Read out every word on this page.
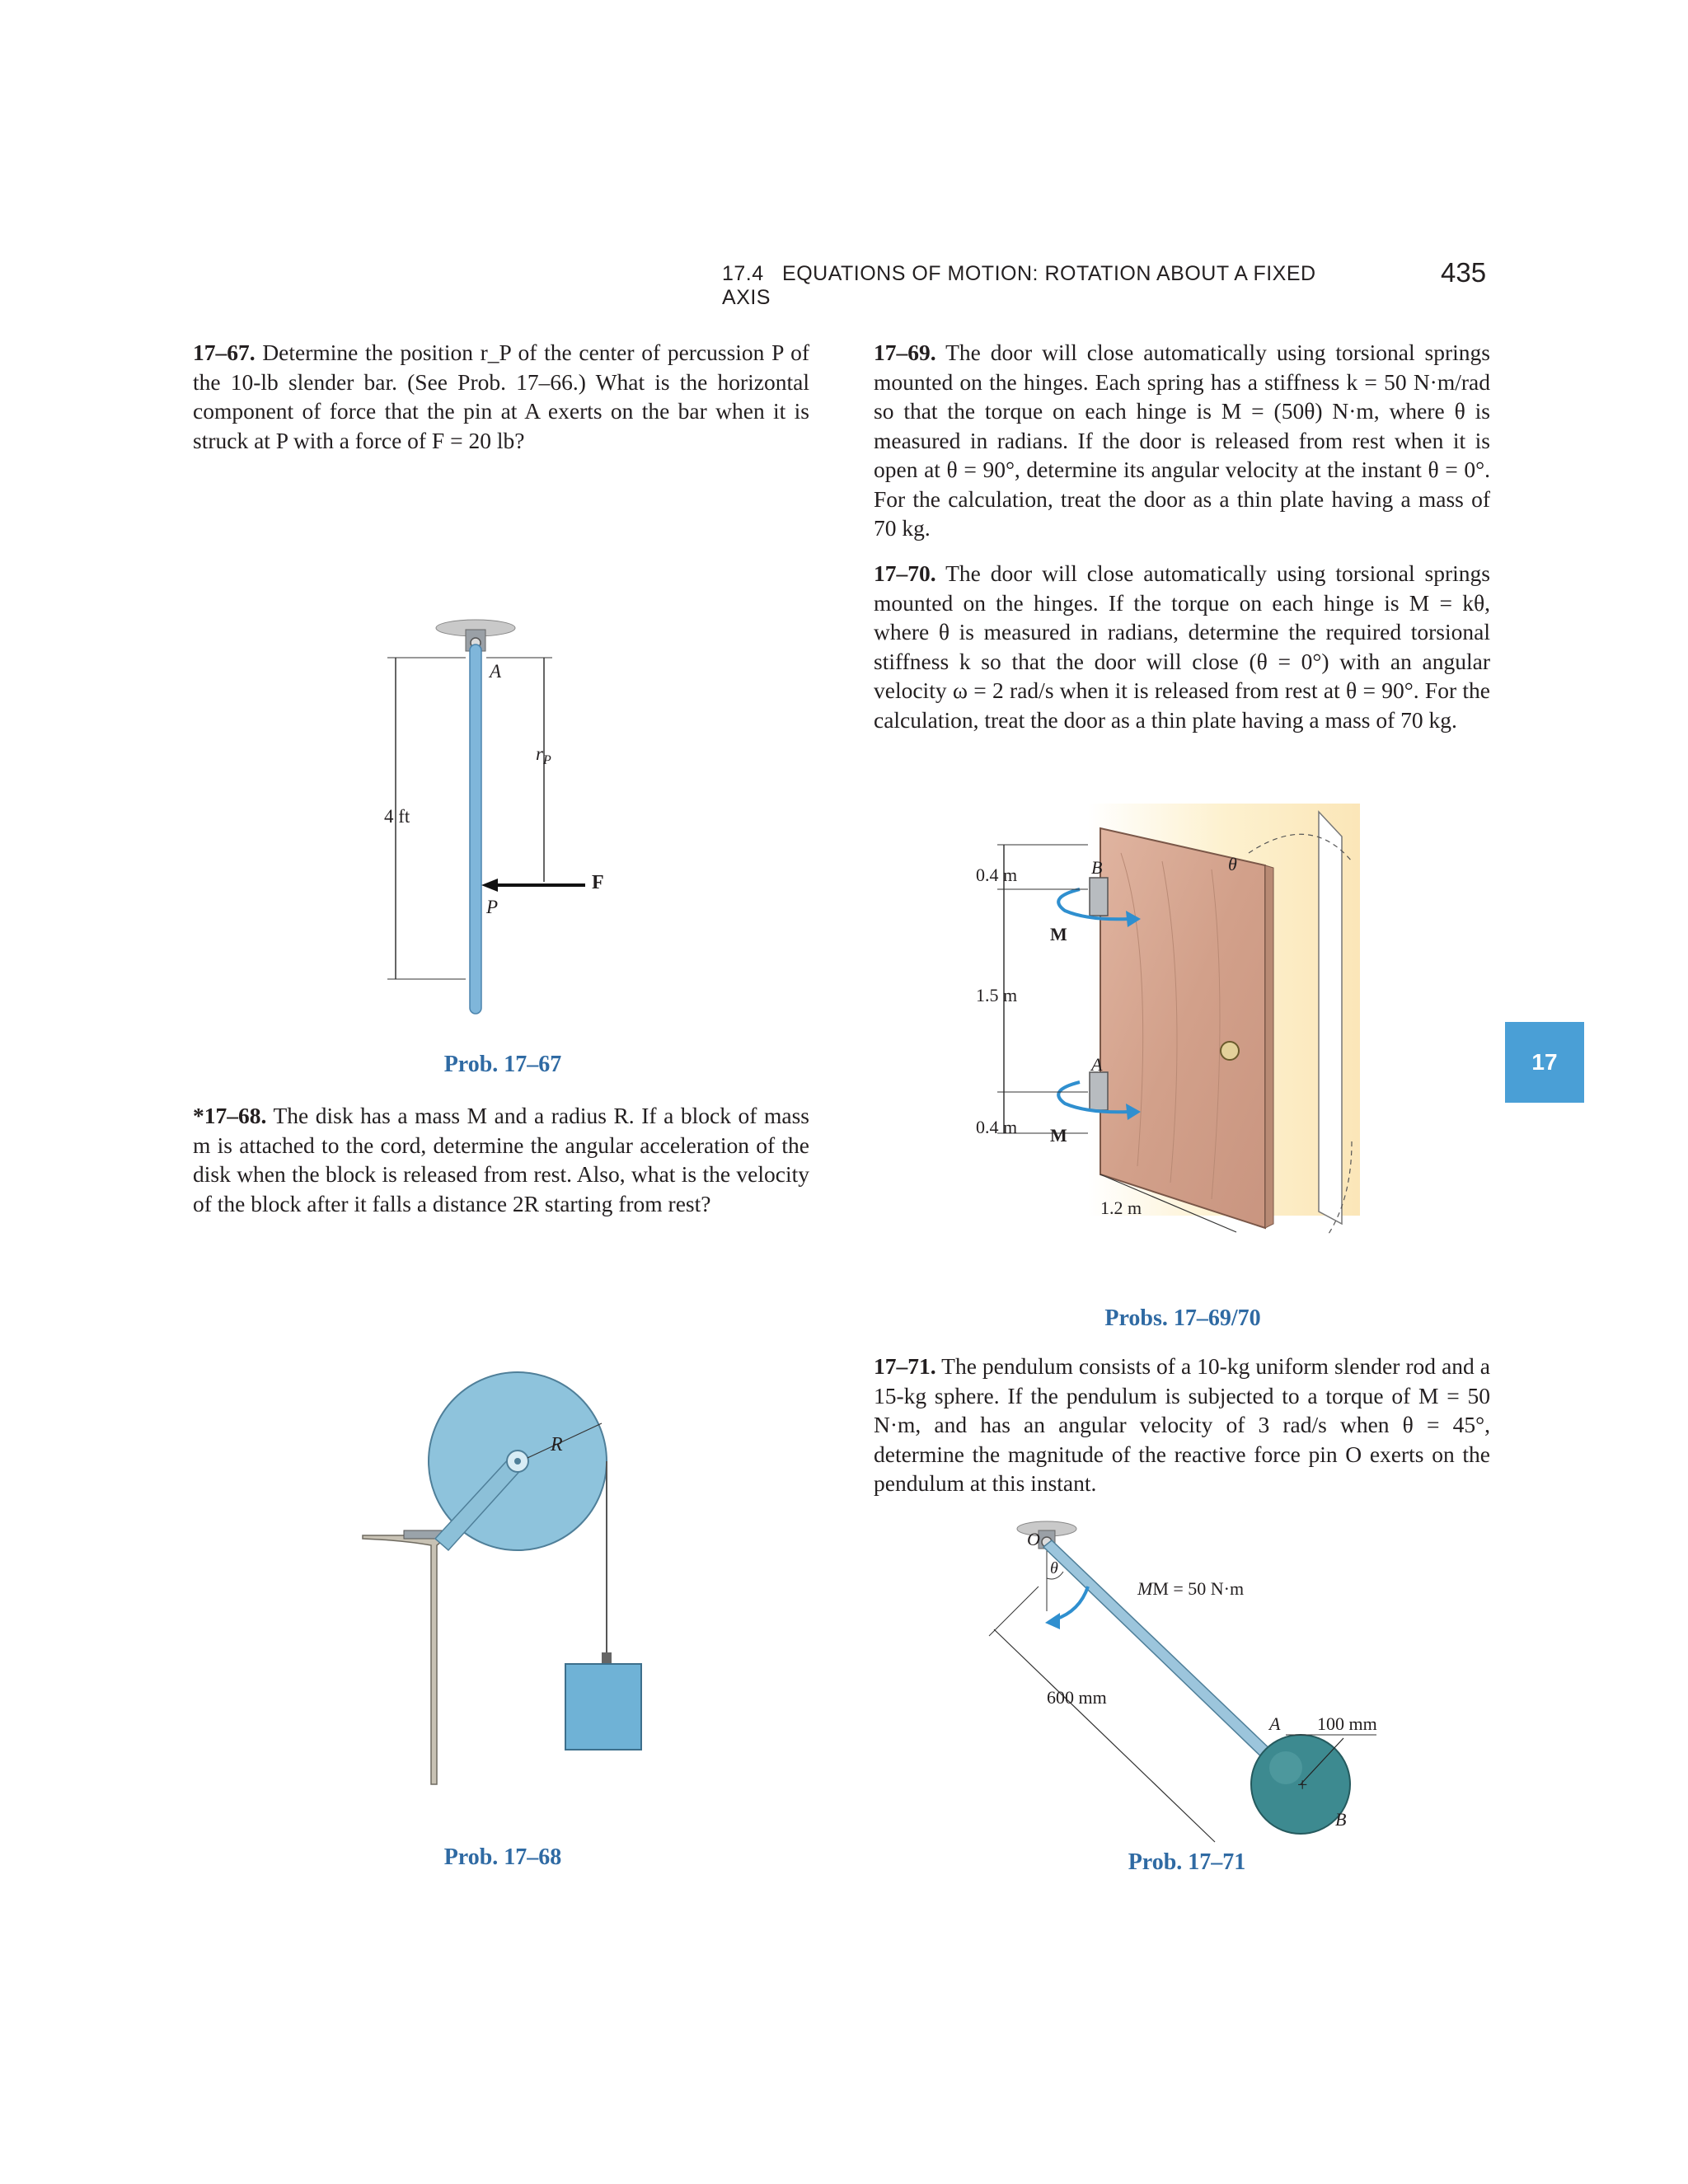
17.4 EQUATIONS OF MOTION: ROTATION ABOUT A FIXED AXIS
435
17
17–67. Determine the position r_P of the center of percussion P of the 10-lb slender bar. (See Prob. 17–66.) What is the horizontal component of force that the pin at A exerts on the bar when it is struck at P with a force of F = 20 lb?
4 ft
$r_P$
A
P
F
Prob. 17–67
*17–68. The disk has a mass M and a radius R. If a block of mass m is attached to the cord, determine the angular acceleration of the disk when the block is released from rest. Also, what is the velocity of the block after it falls a distance 2R starting from rest?
R
Prob. 17–68
17–69. The door will close automatically using torsional springs mounted on the hinges. Each spring has a stiffness k = 50 N·m/rad so that the torque on each hinge is M = (50θ) N·m, where θ is measured in radians. If the door is released from rest when it is open at θ = 90°, determine its angular velocity at the instant θ = 0°. For the calculation, treat the door as a thin plate having a mass of 70 kg.
17–70. The door will close automatically using torsional springs mounted on the hinges. If the torque on each hinge is M = kθ, where θ is measured in radians, determine the required torsional stiffness k so that the door will close (θ = 0°) with an angular velocity ω = 2 rad/s when it is released from rest at θ = 90°. For the calculation, treat the door as a thin plate having a mass of 70 kg.
0.4 m
1.5 m
0.4 m
1.2 m
θ
B
A
M
M
Probs. 17–69/70
17–71. The pendulum consists of a 10-kg uniform slender rod and a 15-kg sphere. If the pendulum is subjected to a torque of M = 50 N·m, and has an angular velocity of 3 rad/s when θ = 45°, determine the magnitude of the reactive force pin O exerts on the pendulum at this instant.
O
θ
MM = 50 N·m
+
A
B
100 mm
600 mm
Prob. 17–71
